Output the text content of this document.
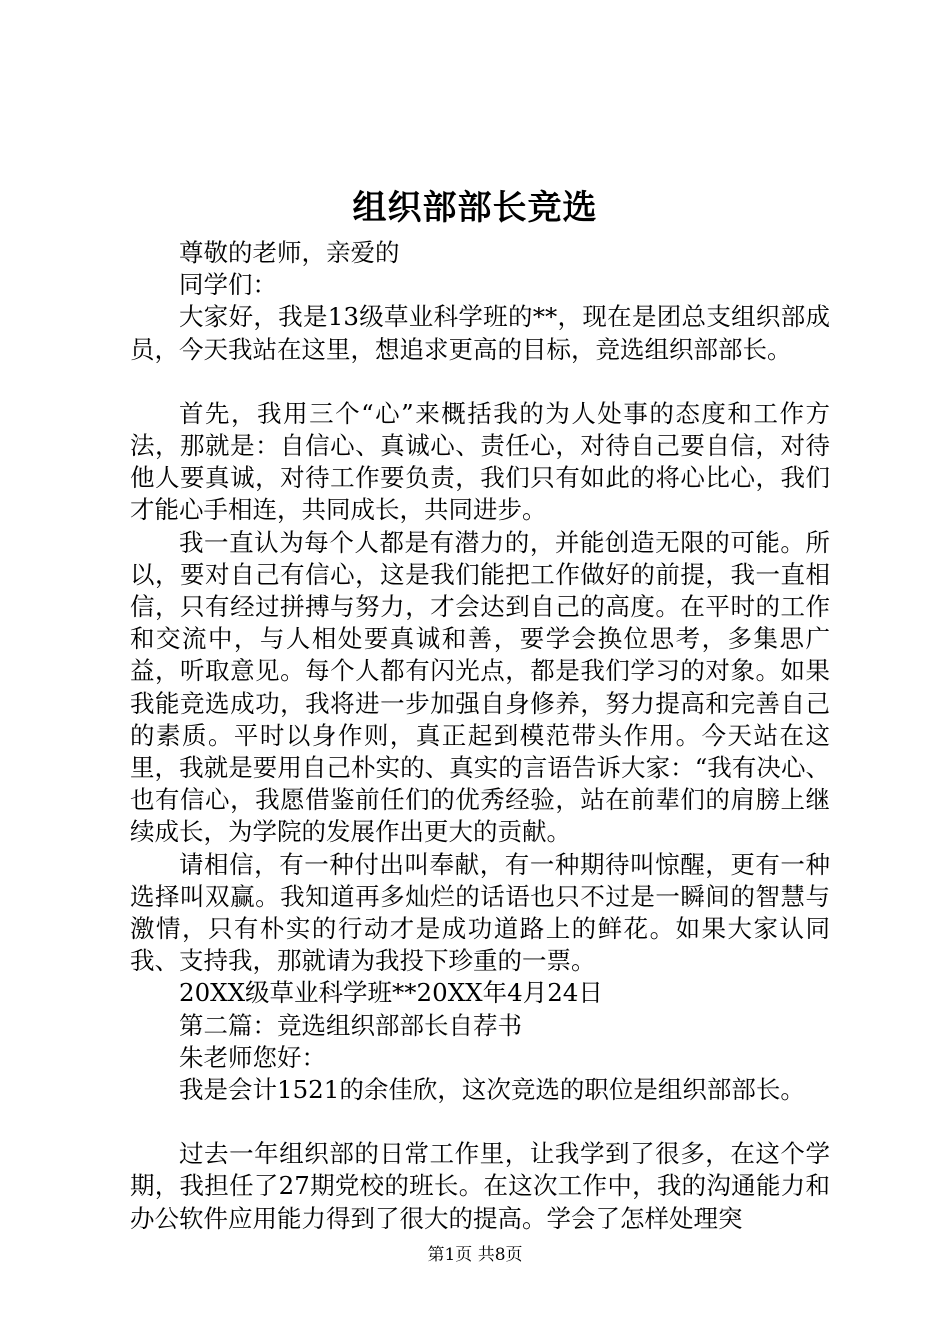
组织部部长竞选
尊敬的老师，亲爱的
同学们：

大家好，我是13级草业科学班的**，现在是团总支组织部成员，今天我站在这里，想追求更高的目标，竞选组织部部长。

首先，我用三个“心”来概括我的为人处事的态度和工作方法，那就是：自信心、真诚心、责任心，对待自己要自信，对待他人要真诚，对待工作要负责，我们只有如此的将心比心，我们才能心手相连，共同成长，共同进步。

我一直认为每个人都是有潜力的，并能创造无限的可能。所以，要对自己有信心，这是我们能把工作做好的前提，我一直相信，只有经过拼搏与努力，才会达到自己的高度。在平时的工作和交流中，与人相处要真诚和善，要学会换位思考，多集思广益，听取意见。每个人都有闪光点，都是我们学习的对象。如果我能竞选成功，我将进一步加强自身修养，努力提高和完善自己的素质。平时以身作则，真正起到模范带头作用。今天站在这里，我就是要用自己朴实的、真实的言语告诉大家：“我有决心、也有信心，我愿借鉴前任们的优秀经验，站在前辈们的肩膀上继续成长，为学院的发展作出更大的贡献。

请相信，有一种付出叫奉献，有一种期待叫惊醒，更有一种选择叫双赢。我知道再多灿烂的话语也只不过是一瞬间的智慧与激情，只有朴实的行动才是成功道路上的鲜花。如果大家认同我、支持我，那就请为我投下珍重的一票。

20XX级草业科学班**20XX年4月24日
第二篇：竞选组织部部长自荐书
朱老师您好：
我是会计1521的余佳欣，这次竞选的职位是组织部部长。

过去一年组织部的日常工作里，让我学到了很多，在这个学期，我担任了27期党校的班长。在这次工作中，我的沟通能力和办公软件应用能力得到了很大的提高。学会了怎样处理突

第1页 共8页
